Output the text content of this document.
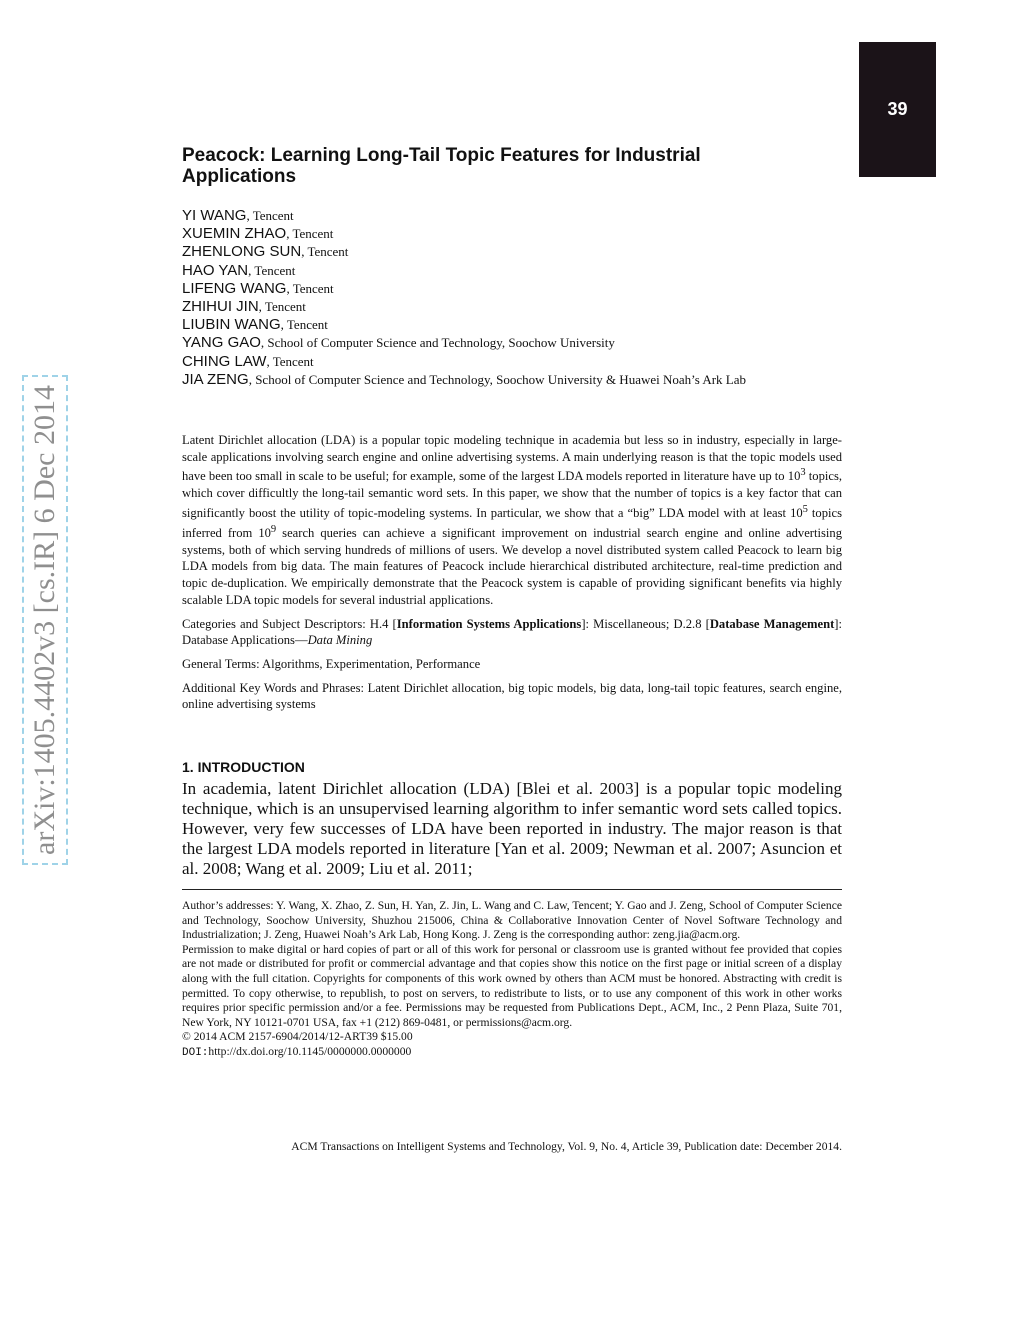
39
arXiv:1405.4402v3 [cs.IR] 6 Dec 2014
Peacock: Learning Long-Tail Topic Features for Industrial Applications
YI WANG, Tencent
XUEMIN ZHAO, Tencent
ZHENLONG SUN, Tencent
HAO YAN, Tencent
LIFENG WANG, Tencent
ZHIHUI JIN, Tencent
LIUBIN WANG, Tencent
YANG GAO, School of Computer Science and Technology, Soochow University
CHING LAW, Tencent
JIA ZENG, School of Computer Science and Technology, Soochow University & Huawei Noah’s Ark Lab

Latent Dirichlet allocation (LDA) is a popular topic modeling technique in academia but less so in industry, especially in large-scale applications involving search engine and online advertising systems. A main underlying reason is that the topic models used have been too small in scale to be useful; for example, some of the largest LDA models reported in literature have up to $10^3$ topics, which cover difficultly the long-tail semantic word sets. In this paper, we show that the number of topics is a key factor that can significantly boost the utility of topic-modeling systems. In particular, we show that a “big” LDA model with at least $10^5$ topics inferred from $10^9$ search queries can achieve a significant improvement on industrial search engine and online advertising systems, both of which serving hundreds of millions of users. We develop a novel distributed system called Peacock to learn big LDA models from big data. The main features of Peacock include hierarchical distributed architecture, real-time prediction and topic de-duplication. We empirically demonstrate that the Peacock system is capable of providing significant benefits via highly scalable LDA topic models for several industrial applications.

Categories and Subject Descriptors: H.4 [Information Systems Applications]: Miscellaneous; D.2.8 [Database Management]: Database Applications—Data Mining

General Terms: Algorithms, Experimentation, Performance

Additional Key Words and Phrases: Latent Dirichlet allocation, big topic models, big data, long-tail topic features, search engine, online advertising systems

1. INTRODUCTION

In academia, latent Dirichlet allocation (LDA) [Blei et al. 2003] is a popular topic modeling technique, which is an unsupervised learning algorithm to infer semantic word sets called topics. However, very few successes of LDA have been reported in industry. The major reason is that the largest LDA models reported in literature [Yan et al. 2009; Newman et al. 2007; Asuncion et al. 2008; Wang et al. 2009; Liu et al. 2011;

Author’s addresses: Y. Wang, X. Zhao, Z. Sun, H. Yan, Z. Jin, L. Wang and C. Law, Tencent; Y. Gao and J. Zeng, School of Computer Science and Technology, Soochow University, Shuzhou 215006, China & Collaborative Innovation Center of Novel Software Technology and Industrialization; J. Zeng, Huawei Noah’s Ark Lab, Hong Kong. J. Zeng is the corresponding author: zeng.jia@acm.org.

Permission to make digital or hard copies of part or all of this work for personal or classroom use is granted without fee provided that copies are not made or distributed for profit or commercial advantage and that copies show this notice on the first page or initial screen of a display along with the full citation. Copyrights for components of this work owned by others than ACM must be honored. Abstracting with credit is permitted. To copy otherwise, to republish, to post on servers, to redistribute to lists, or to use any component of this work in other works requires prior specific permission and/or a fee. Permissions may be requested from Publications Dept., ACM, Inc., 2 Penn Plaza, Suite 701, New York, NY 10121-0701 USA, fax +1 (212) 869-0481, or permissions@acm.org.

© 2014 ACM 2157-6904/2014/12-ART39 $15.00

DOI:http://dx.doi.org/10.1145/0000000.0000000

ACM Transactions on Intelligent Systems and Technology, Vol. 9, No. 4, Article 39, Publication date: December 2014.
